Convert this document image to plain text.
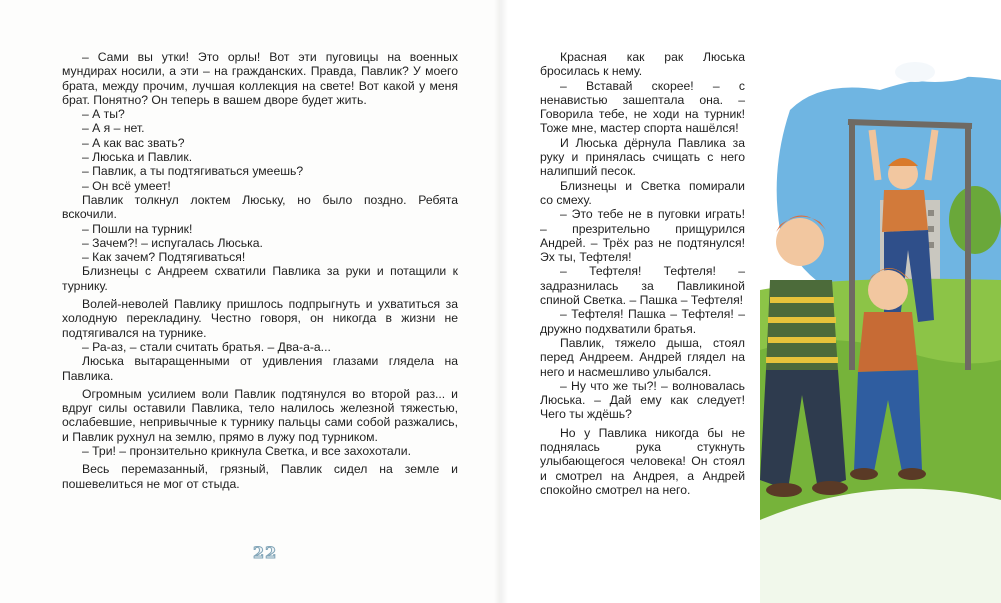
– Сами вы утки! Это орлы! Вот эти пуговицы на военных мундирах носили, а эти – на гражданских. Правда, Павлик? У моего брата, между прочим, лучшая коллекция на свете! Вот какой у меня брат. Понятно? Он теперь в вашем дворе будет жить.

– А ты?

– А я – нет.

– А как вас звать?

– Люська и Павлик.

– Павлик, а ты подтягиваться умеешь?

– Он всё умеет!

Павлик толкнул локтем Люську, но было поздно. Ребята вскочили.

– Пошли на турник!

– Зачем?! – испугалась Люська.

– Как зачем? Подтягиваться!

Близнецы с Андреем схватили Павлика за руки и потащили к турнику.

Волей-неволей Павлику пришлось подпрыгнуть и ухватиться за холодную перекладину. Честно говоря, он никогда в жизни не подтягивался на турнике.

– Ра-аз, – стали считать братья. – Два-а-а...

Люська вытаращенными от удивления глазами глядела на Павлика.

Огромным усилием воли Павлик подтянулся во второй раз... и вдруг силы оставили Павлика, тело налилось железной тяжестью, ослабевшие, непривычные к турнику пальцы сами собой разжались, и Павлик рухнул на землю, прямо в лужу под турником.

– Три! – пронзительно крикнула Светка, и все захохотали.

Весь перемазанный, грязный, Павлик сидел на земле и пошевелиться не мог от стыда.

22

Красная как рак Люська бросилась к нему.

– Вставай скорее! – с ненавистью зашептала она. – Говорила тебе, не ходи на турник! Тоже мне, мастер спорта нашёлся!

И Люська дёрнула Павлика за руку и принялась счищать с него налипший песок.

Близнецы и Светка помирали со смеху.

– Это тебе не в пуговки играть! – презрительно прищурился Андрей. – Трёх раз не подтянулся! Эх ты, Тефтеля!

– Тефтеля! Тефтеля! – задразнилась за Павликиной спиной Светка. – Пашка – Тефтеля!

– Тефтеля! Пашка – Тефтеля! – дружно подхватили братья.

Павлик, тяжело дыша, стоял перед Андреем. Андрей глядел на него и насмешливо улыбался.

– Ну что же ты?! – волновалась Люська. – Дай ему как следует! Чего ты ждёшь?

Но у Павлика никогда бы не поднялась рука стукнуть улыбающегося человека! Он стоял и смотрел на Андрея, а Андрей спокойно смотрел на него.
